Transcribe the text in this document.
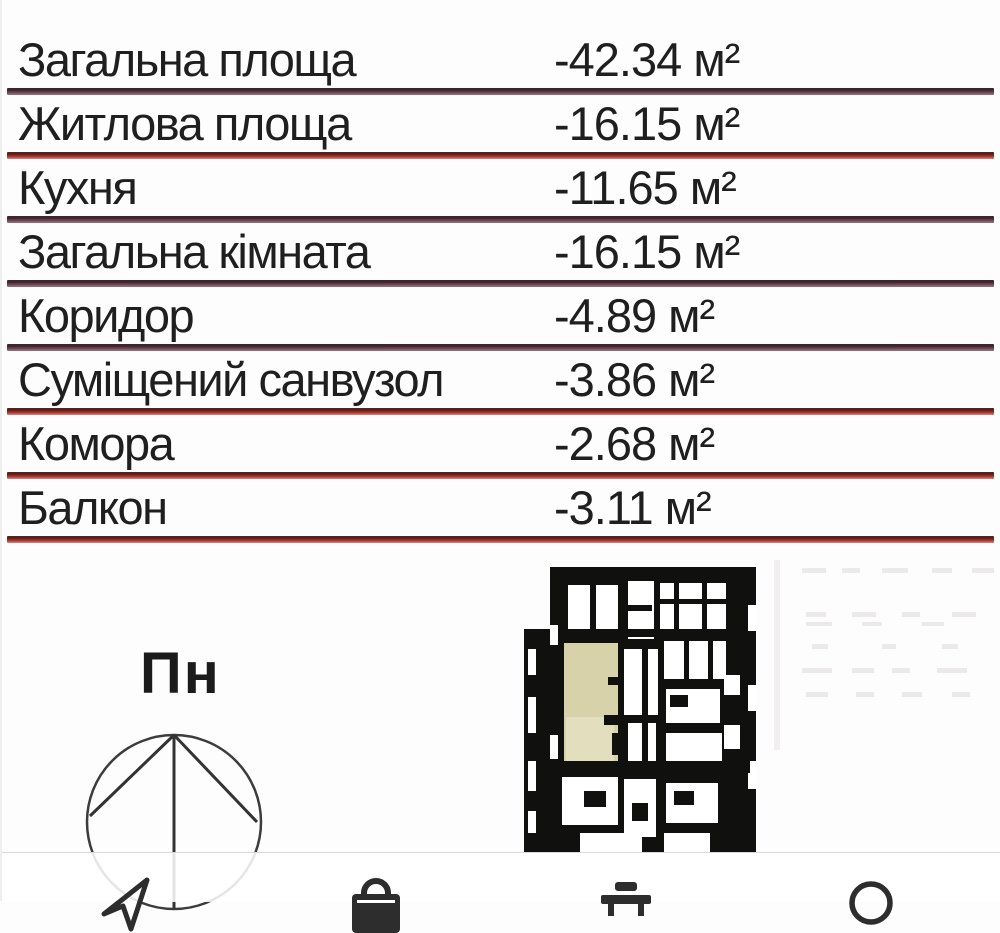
Загальна площа	-42.34 м²
Житлова площа	-16.15 м²
Кухня	-11.65 м²
Загальна кімната	-16.15 м²
Коридор	-4.89 м²
Суміщений санвузол -3.86 м²
Комора	-2.68 м²
Балкон	-3.11 м²
Пн
